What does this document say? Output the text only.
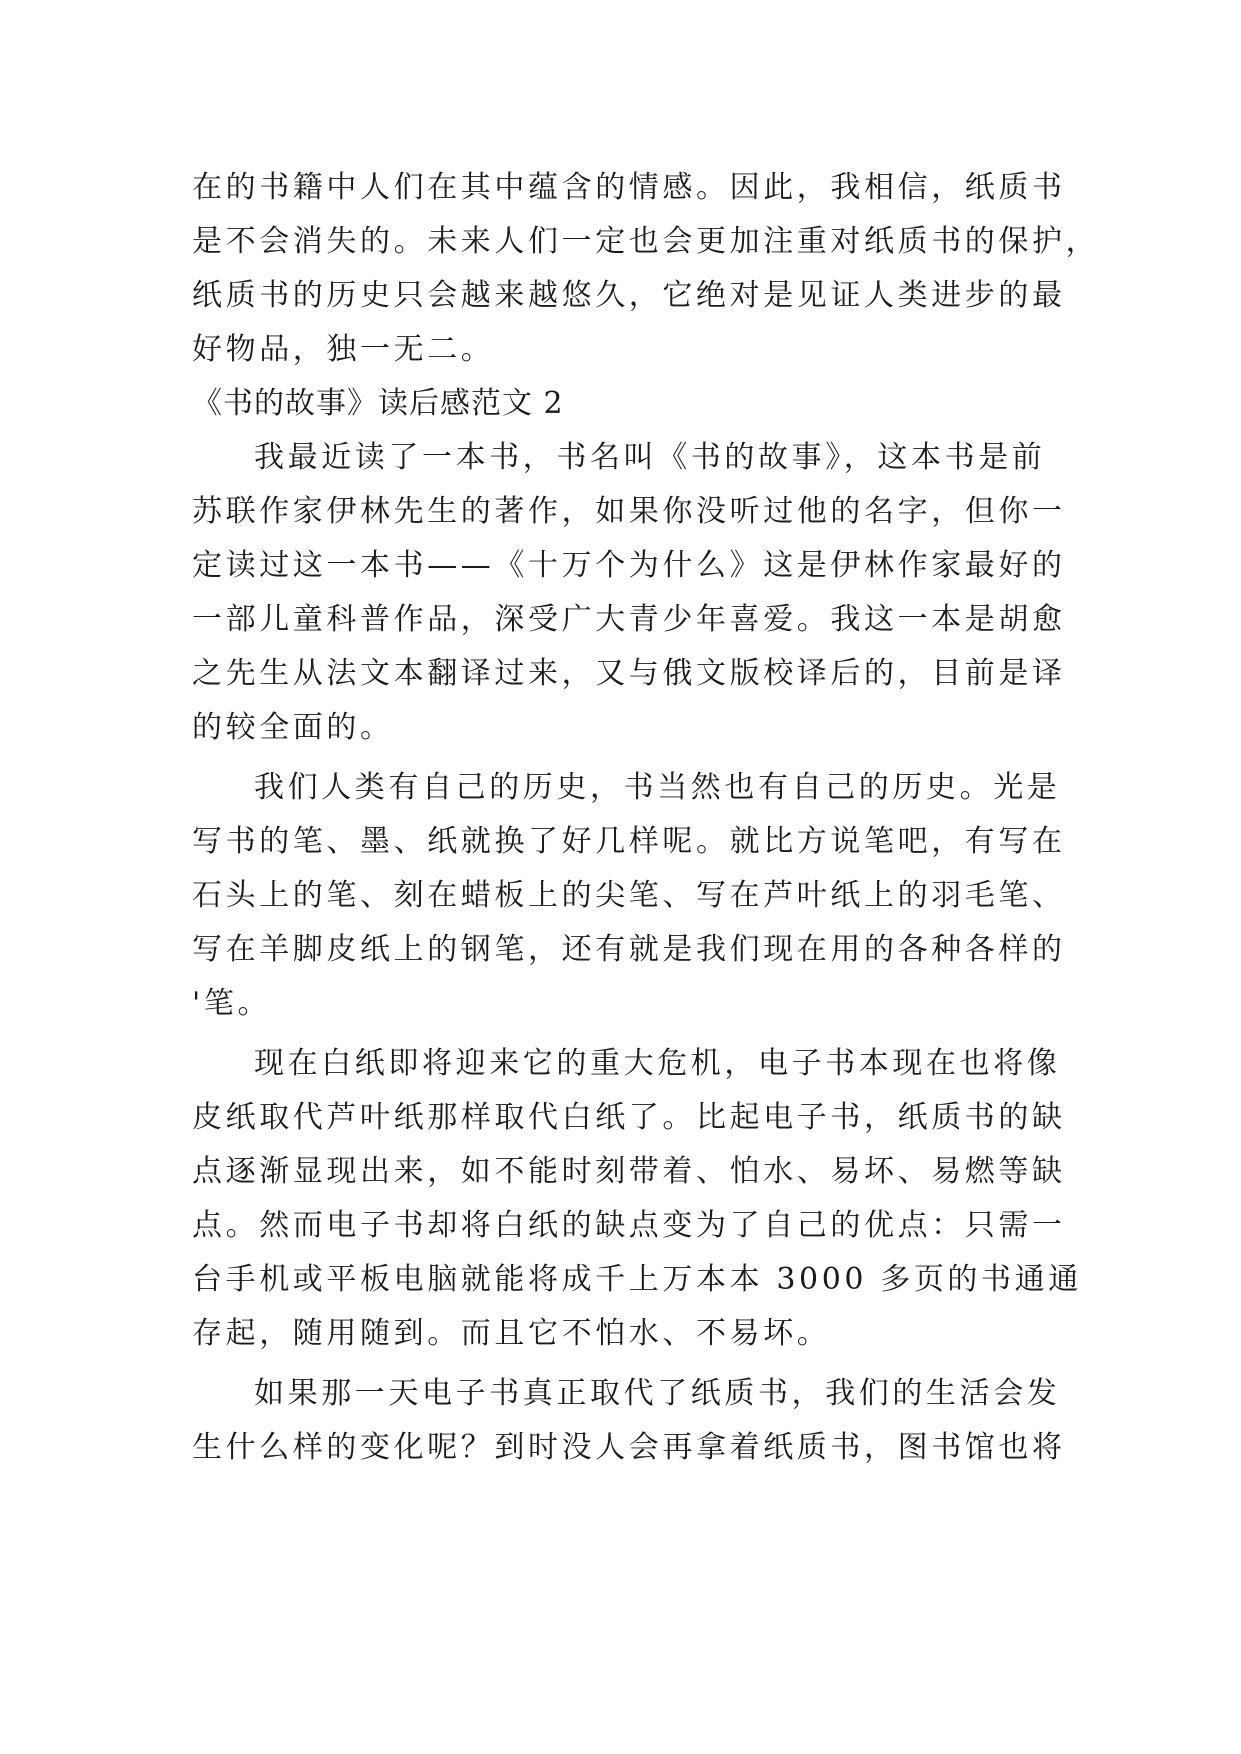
在的书籍中人们在其中蕴含的情感。因此，我相信，纸质书
是不会消失的。未来人们一定也会更加注重对纸质书的保护，
纸质书的历史只会越来越悠久，它绝对是见证人类进步的最
好物品，独一无二。
《书的故事》读后感范文 2
我最近读了一本书，书名叫《书的故事》，这本书是前
苏联作家伊林先生的著作，如果你没听过他的名字，但你一
定读过这一本书——《十万个为什么》这是伊林作家最好的
一部儿童科普作品，深受广大青少年喜爱。我这一本是胡愈
之先生从法文本翻译过来，又与俄文版校译后的，目前是译
的较全面的。
我们人类有自己的历史，书当然也有自己的历史。光是
写书的笔、墨、纸就换了好几样呢。就比方说笔吧，有写在
石头上的笔、刻在蜡板上的尖笔、写在芦叶纸上的羽毛笔、
写在羊脚皮纸上的钢笔，还有就是我们现在用的各种各样的
'笔。
现在白纸即将迎来它的重大危机，电子书本现在也将像
皮纸取代芦叶纸那样取代白纸了。比起电子书，纸质书的缺
点逐渐显现出来，如不能时刻带着、怕水、易坏、易燃等缺
点。然而电子书却将白纸的缺点变为了自己的优点：只需一
台手机或平板电脑就能将成千上万本本 3000 多页的书通通
存起，随用随到。而且它不怕水、不易坏。
如果那一天电子书真正取代了纸质书，我们的生活会发
生什么样的变化呢？到时没人会再拿着纸质书，图书馆也将
